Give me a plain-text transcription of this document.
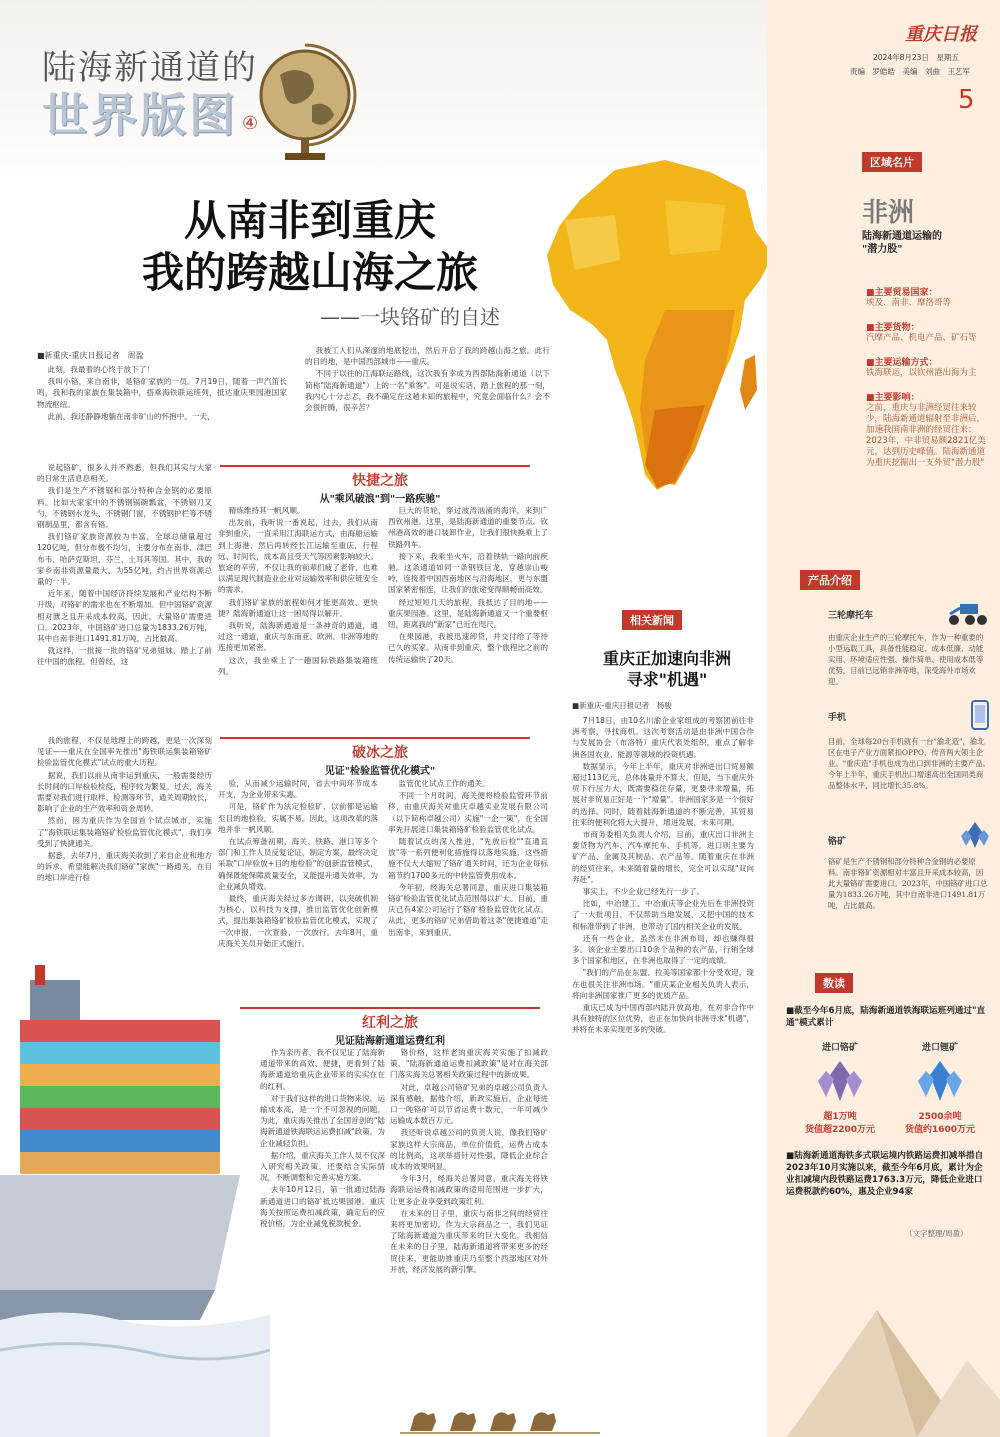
陆海新通道的
世界版图 ④
从南非到重庆
我的跨越山海之旅
——一块铬矿的自述
■新重庆-重庆日报记者　周盈

此刻，我最着的心终于放下了！

我叫小铬，来自南非，是铬矿家族的一员。7月19日，随着一声汽笛长鸣，我和我的家族在集装箱中，搭乘海铁联运班列，抵达重庆果园港国家物流枢纽。

此前，我还静静地躺在南非矿山的怀抱中。一天，

我被工人们从深邃的地底挖出，然后开启了我的跨越山海之旅。此行的目的地，是中国西部城市——重庆。

不同于以往的江海联运路线，这次我有幸成为西部陆海新通道（以下简称"陆海新通道"）上的一名"乘客"。可是说实话，踏上旅程的那一刻，我内心十分忐忑，我不确定在这趟未知的旅程中，究竟会面临什么？会不会很折腾，很辛苦？

说起铬矿，很多人并不熟悉，但我们其实与大家的日常生活息息相关。

我们是生产不锈钢和部分特种合金钢的必要原料。比如大家家中的不锈钢锅碗瓢盆，不锈钢刀叉勺，不锈钢水龙头、不锈钢门窗，不锈钢护栏等不锈钢制品里，都含有铬。

我们铬矿家族资源较为丰富，全球总储量超过120亿吨，但分布极不均匀，主要分布在南非、津巴布韦、哈萨克斯坦、芬兰、土耳其等国。其中，我的家乡南非资源量最大，为55亿吨，约占世界资源总量的一半。

近年来，随着中国经济持续发展和产业结构不断升级，对铬矿的需求也在不断增加。但中国铬矿资源相对匮乏且开采成本较高，因此，大量铬矿需要进口。2023年，中国铬矿进口总量为1833.26万吨，其中自南非进口1491.81万吨，占比最高。

就这样，一批接一批的铬矿兄弟姐妹，踏上了前往中国的旅程。但曾经，这

快捷之旅
从"乘风破浪"到"一路疾驰"

精炼维持其一帆风顺。

出发前，我听说一番说起，过去，我们从南非到重庆，一直采用江海联运方式，由海船运输到上海港，然后再转经长江运输至重庆，行程远、时间长，成本高且受天气等因素影响较大。旅途的辛劳，不仅让我的前辈们疲了老骨，也难以满足现代制造业企业对运输效率和供应链安全的需求。

我们铬矿家族的旅程如何才能更高效、更快捷？陆海新通道让这一困局得以解开。

我听说，陆海新通道是一条神奇的通道，通过这一通道，重庆与东南亚、欧洲、非洲等地的连接更加紧密。

这次，我坐乘上了一趟国际铁路集装箱班列。

巨大的货轮，穿过波涛汹涌的海洋，来到广西钦州港。这里，是陆海新通道的重要节点。钦州港高效的港口装卸作业，让我们很快换乘上了铁路列车。

接下来，我乘坐火车，沿着铁轨一路向前疾驰。这条通道如同一条钢铁巨龙，穿越崇山峻岭，连接着中国西南地区与沿海地区，更与东盟国家紧密相连，让我们的旅途变得顺畅而高效。

经过短短几天的旅程，我抵达了目的地——重庆果园港。这里，是陆海新通道又一个重要枢纽，距离我的"新家"已近在咫尺。

在果园港，我被迅速卸货，并交付给了等待已久的买家。从南非到重庆，整个旅程比之前的传统运输快了20天。

我的旅程，不仅是地理上的跨越，更是一次深刻见证——重庆在全国率先推出"海铁联运集装箱铬矿检验监管优化模式"试点的重大历程。

据说，我们以前从南非运到重庆，一般需要经历长时间的口岸检验检疫，程序较为繁复。过去，海关需要对我们进行取样、检测等环节，通关周期较长，影响了企业的生产效率和资金周转。

然而，因为重庆作为全国首个试点城市，实施了"海铁联运集装箱铬矿检验监管优化模式"，我们享受到了快捷通关。

据悉，去年7月，重庆海关收到了来自企业和地方的诉求，希望能解决我们铬矿"家族"一路通关，在目的地口岸进行检

破冰之旅
见证"检验监管优化模式"

验，从而减少运输时间，省去中间环节成本开支，为企业带来实惠。

可是，铬矿作为法定检验矿，以前都是运输至目的地检验，实属不易。因此，这项改革的落地并非一帆风顺。

在试点筹备初期，海关、铁路、港口等多个部门和工作人员反复论证，制定方案，最终决定采取"口岸验放+目的地检验"的创新监管模式，确保既能保障质量安全，又能提升通关效率，为企业减负增效。

最终，重庆海关经过多方调研，以突破机制为核心，以科技为支撑，推出监管优化创新模式，提出集装箱铬矿检验监管优化模式，实现了一次申报、一次查验、一次放行。去年8月，重庆海关关员开始正式施行。

监管优化试点工作的通关。

不同一个月时间，海关便将检验监管环节前移，由重庆海关对重庆卓越实业发展有限公司（以下简称卓越公司）实施"一企一策"，在全国率先开展进口集装箱铬矿检验监管优化试点。

随着试点的深入推进，"先放后检""直通直放"等一系列便利化措施得以落地实施，这些措施不仅大大缩短了铬矿通关时间，还为企业每标箱节约1700多元的中转监管费用成本。

今年初，经海关总署同意，重庆进口集装箱铬矿检验监管优化试点范围得以扩大。目前，重庆已有4家公司运行了铬矿检验监管优化试点。从此，更多的铬矿兄弟借助着这条"便捷通道"走出南非，来到重庆。

红利之旅
见证陆海新通道运费红利

作为亲历者，我不仅见证了陆海新通道带来的高效、便捷，更看到了陆海新通道给重庆企业带来的实实在在的红利。

对于我们这样的进口货物来说，运输成本高，是一个不可忽视的问题。为此，重庆海关推出了全国首创的"陆海新通道铁海联运运费扣减"政策，为企业减轻负担。

据介绍，重庆海关工作人员不仅深入研究相关政策，还要结合实际情况，不断调整和完善实施方案。

去年10月12日，第一批通过陆海新通道进口的铬矿抵达果园港。重庆海关按照运费扣减政策，确定后的应税价格，为企业减免税款税金。

铬价格，这样老的重庆海关实施了扣减政策，"陆海新通道运费扣减政策"是对在海关部门落实海关总署相关政策过程中的新成果。

对此，卓越公司铬矿兄弟的卓越公司负责人深有感触，据他介绍，新政实施后，企业每进口一吨铬矿可以节省运费十数元，一年可减少运输成本数百万元。

我还听说卓越公司的负责人说，像我们铬矿家族这样大宗商品，单位价值低，运费占成本的比例高，这项举措针对性强，降低企业综合成本的效果明显。

今年3月，经海关总署同意，重庆海关将铁海联运运费扣减政策的适用范围进一步扩大，让更多企业享受到政策红利。

在未来的日子里，重庆与南非之间的经贸往来将更加密切。作为大宗商品之一，我们见证了陆海新通道为重庆带来的巨大变化，我相信在未来的日子里，陆海新通道将带来更多的经贸往来，更能助推重庆乃至整个西部地区对外开放、经济发展的新引擎。

相关新闻
重庆正加速向非洲
寻求"机遇"
■新重庆-重庆日报记者　杨骏

7月18日，由10名川渝企业家组成的考察团前往非洲考察，寻找商机。这次考察活动是由非洲中国合作与发展协会（布洛特）重庆代表处组织，重点了解非洲各国农业、能源等领域的投资机遇。

数据显示，今年上半年，重庆对非洲进出口贸易额超过113亿元，总体体量并不算大。但是，当下重庆外贸下行压力大，既需要稳住存量，更要寻求增量，拓展对非贸易正好是一个"增量"。非洲国家多是一个很好的选择。同时，随着陆海新通道的不断完善，其贸易往来的便利化将大大提升，增进发展，未来可期。

市商务委相关负责人介绍，目前，重庆出口非洲主要货物为汽车、汽车摩托车、手机等。进口则主要为矿产品、金属及其制品、农产品等。随着重庆在非洲的经贸往来，未来随着量的增长，完全可以实现"双向奔赴"。

事实上，不少企业已经先行一步了。

比如，中冶建工、中冶重庆等企业先后在非洲投资了一大批项目，不仅帮助当地发展，又把中国的技术和标准带到了非洲，也带动了国内相关企业的发展。

还有一些企业，虽然未在非洲布局，却也赚得很多。该企业主要出口10余个品种的农产品，行销全球多个国家和地区，在非洲也取得了一定的成绩。

"我们的产品在东盟、拉美等国家都十分受欢迎，现在也很关注非洲市场。"重庆某企业相关负责人表示，将向非洲国家推广更多的优质产品。

重庆已成为中国西部内陆开放高地，在对非合作中具有独特的区位优势，也正在加快向非洲寻求"机遇"，并将在未来实现更多的突破。

重庆日报
2024年8月23日　星期五
责编　罗皓皓　美编　刘曲　王艺军
5
区域名片
非洲
陆海新通道运输的
"潜力股"
■主要贸易国家：
埃及、南非、摩洛哥等
■主要货物：
汽摩产品、机电产品、矿石等
■主要运输方式：
铁海联运，以钦州港出海为主
■主要影响：
之前，重庆与非洲经贸往来较少，陆海新通道辐射至非洲后，加速我国南非洲的经贸往来；2023年，中非贸易额2821亿美元，达到历史峰值。陆海新通道为重庆挖掘出一支外贸"潜力股"
产品介绍
三轮摩托车
由重庆企业生产的三轮摩托车，作为一种重要的小型运载工具，具备性能稳定、成本低廉、动能实用、环境适应性强、操作简单、使用成本低等优势，目前已远销非洲等地，深受海外市场欢迎。
手机
目前，全球每20台手机就有一台"渝北造"，渝北区在电子产业方面紧扣OPPO、传音两大领主企业。"重庆造"手机也成为出口到非洲的主要产品。今年上半年，重庆手机出口增速高出全国同类商品整体水平，同比增长35.8%。
铬矿
铬矿是生产不锈钢和部分特种合金钢的必要原料。南非铬矿资源相对丰富且开采成本较高，因此大量铬矿需要进口。2023年，中国铬矿进口总量为1833.26万吨，其中自南非进口1491.81万吨，占比最高。
数读
■截至今年6月底，陆海新通道铁海联运班列通过"直通"模式累计
进口铬矿
超1万吨
货值超2200万元
进口锂矿
2500余吨
货值约1600万元
■陆海新通道海铁多式联运境内铁路运费扣减举措自2023年10月实施以来，截至今年6月底，累计为企业扣减境内段铁路运费1763.3万元，降低企业进口运费税款约60%，惠及企业94家
（文字整理/周盈）
